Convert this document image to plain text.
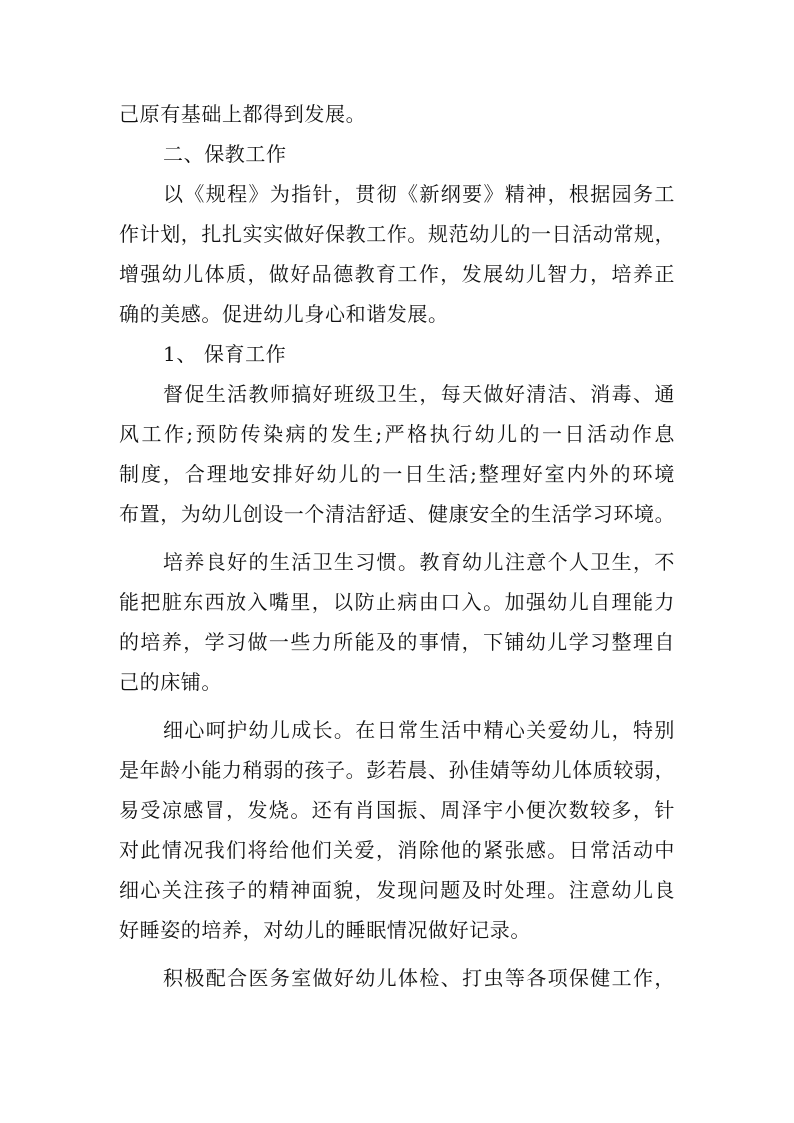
己原有基础上都得到发展。
二、保教工作
以《规程》为指针，贯彻《新纲要》精神，根据园务工
作计划，扎扎实实做好保教工作。规范幼儿的一日活动常规，
增强幼儿体质，做好品德教育工作，发展幼儿智力，培养正
确的美感。促进幼儿身心和谐发展。
1、 保育工作
督促生活教师搞好班级卫生，每天做好清洁、消毒、通
风工作;预防传染病的发生;严格执行幼儿的一日活动作息
制度，合理地安排好幼儿的一日生活;整理好室内外的环境
布置，为幼儿创设一个清洁舒适、健康安全的生活学习环境。
培养良好的生活卫生习惯。教育幼儿注意个人卫生，不
能把脏东西放入嘴里，以防止病由口入。加强幼儿自理能力
的培养，学习做一些力所能及的事情，下铺幼儿学习整理自
己的床铺。
细心呵护幼儿成长。在日常生活中精心关爱幼儿，特别
是年龄小能力稍弱的孩子。彭若晨、孙佳婧等幼儿体质较弱，
易受凉感冒，发烧。还有肖国振、周泽宇小便次数较多，针
对此情况我们将给他们关爱，消除他的紧张感。日常活动中
细心关注孩子的精神面貌，发现问题及时处理。注意幼儿良
好睡姿的培养，对幼儿的睡眠情况做好记录。
积极配合医务室做好幼儿体检、打虫等各项保健工作，
